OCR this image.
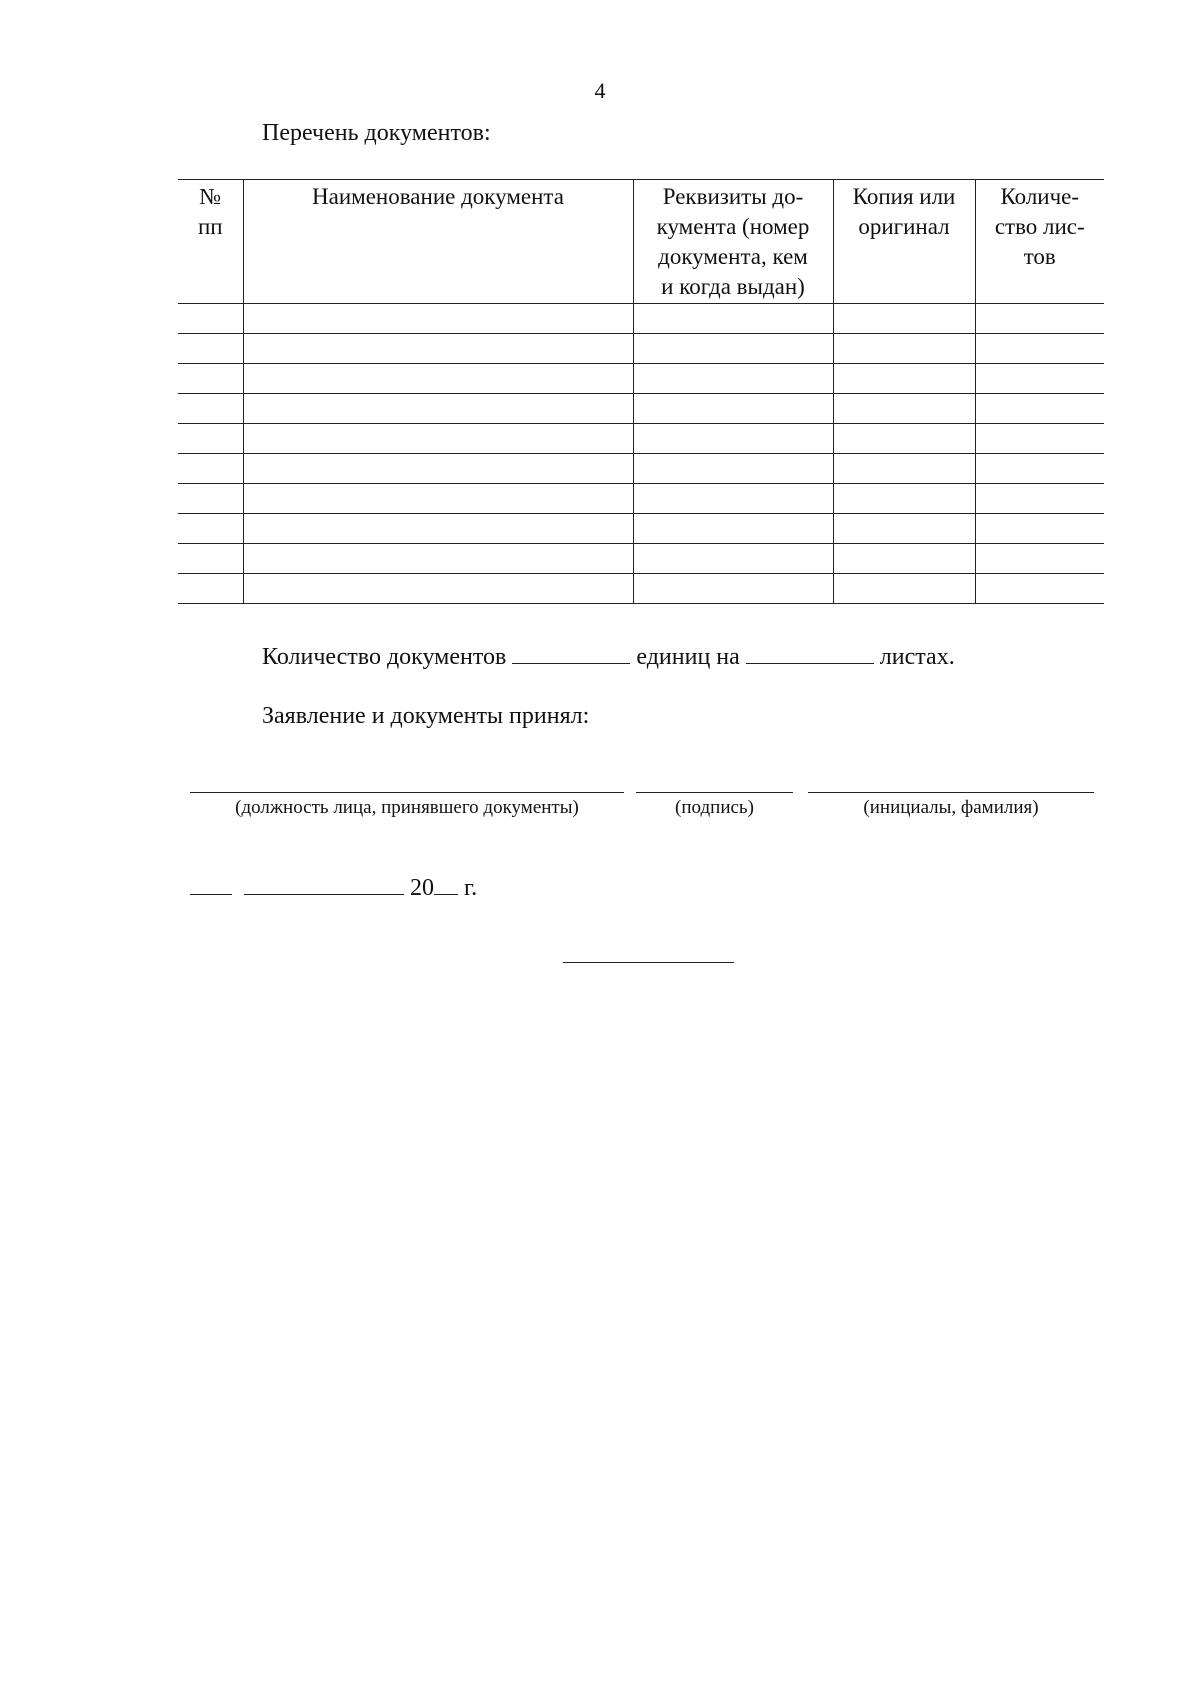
4
Перечень документов:
№
пп	Наименование документа	Реквизиты до-
кумента (номер
документа, кем
и когда выдан)	Копия или
оригинал	Количе-
ство лис-
тов

Количество документов	единиц на	листах.
Заявление и документы принял:
(должность лица, принявшего документы)	(подпись)	(инициалы, фамилия)
20 г.
